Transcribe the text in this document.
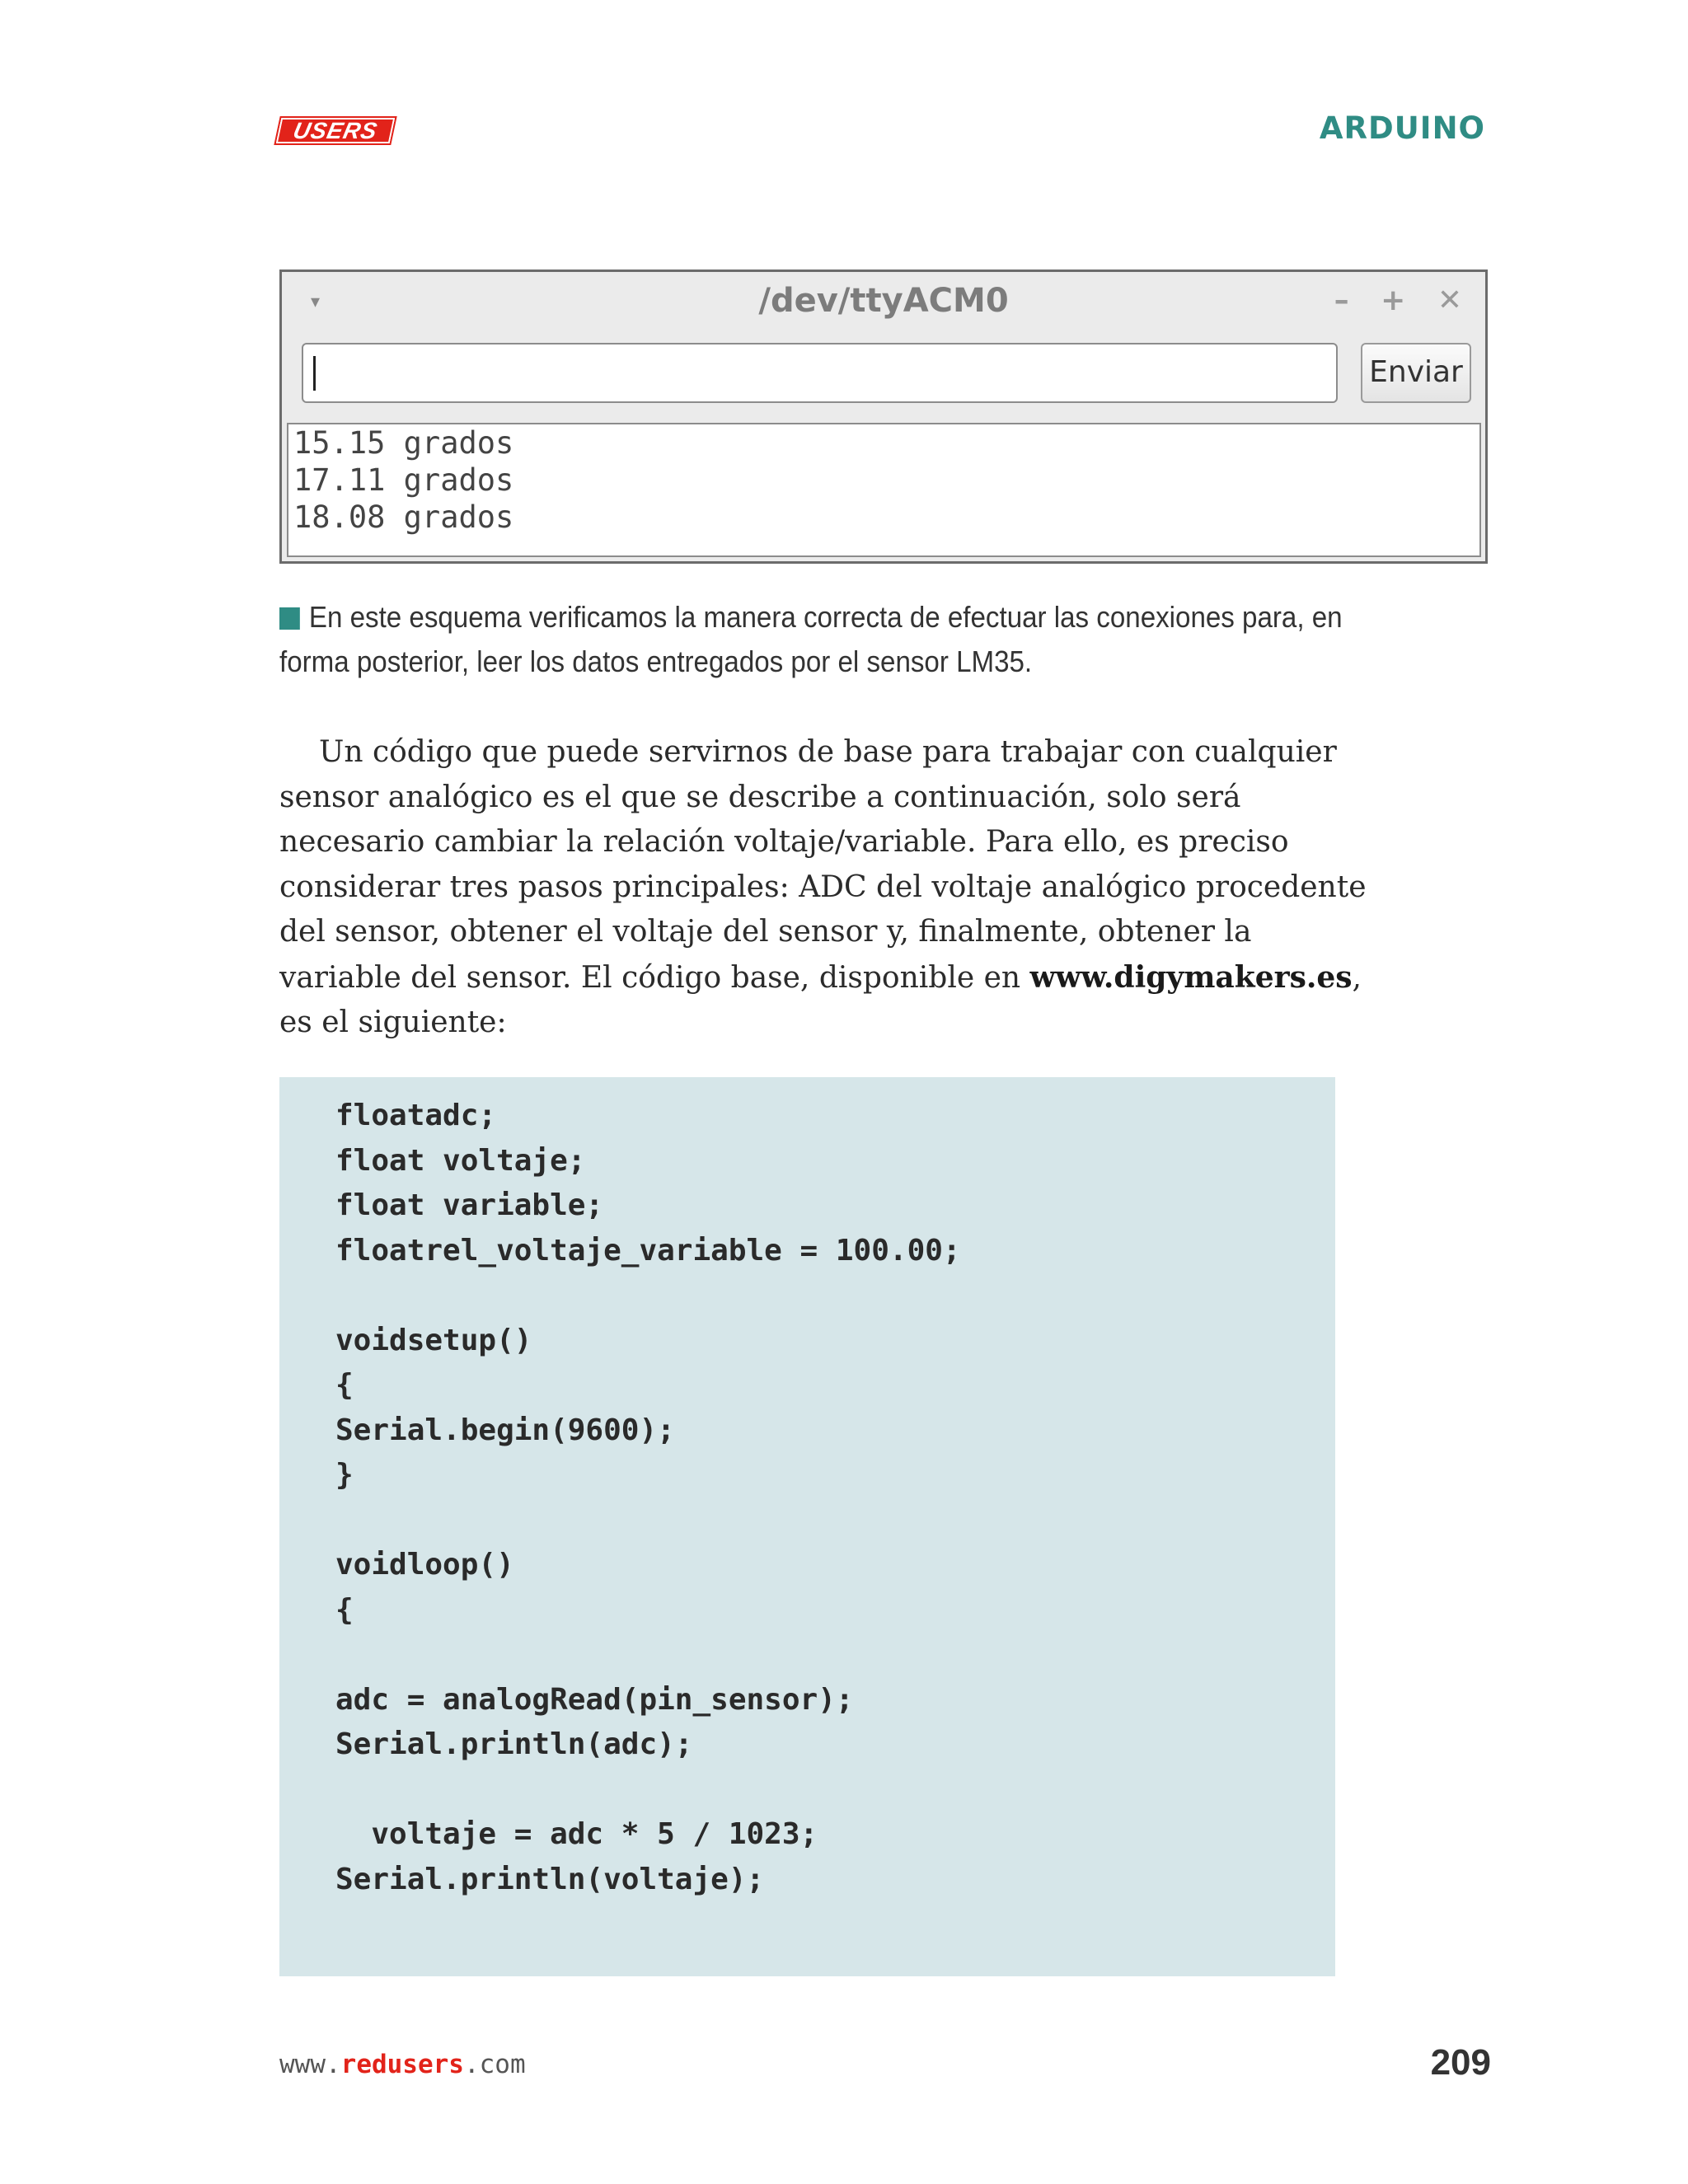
USERS	ARDUINO
▾	/dev/ttyACM0	– + ✕
Enviar
15.15 grados
17.11 grados
18.08 grados
En este esquema verificamos la manera correcta de efectuar las conexiones para, en forma posterior, leer los datos entregados por el sensor LM35.
Un código que puede servirnos de base para trabajar con cualquier sensor analógico es el que se describe a continuación, solo será necesario cambiar la relación voltaje/variable. Para ello, es preciso considerar tres pasos principales: ADC del voltaje analógico procedente del sensor, obtener el voltaje del sensor y, finalmente, obtener la variable del sensor. El código base, disponible en www.digymakers.es, es el siguiente:
floatadc;
float voltaje;
float variable;
floatrel_voltaje_variable = 100.00;
voidsetup()
{
Serial.begin(9600);
}
voidloop()
{
adc = analogRead(pin_sensor);
Serial.println(adc);
voltaje = adc * 5 / 1023;
Serial.println(voltaje);
www.redusers.com	209
